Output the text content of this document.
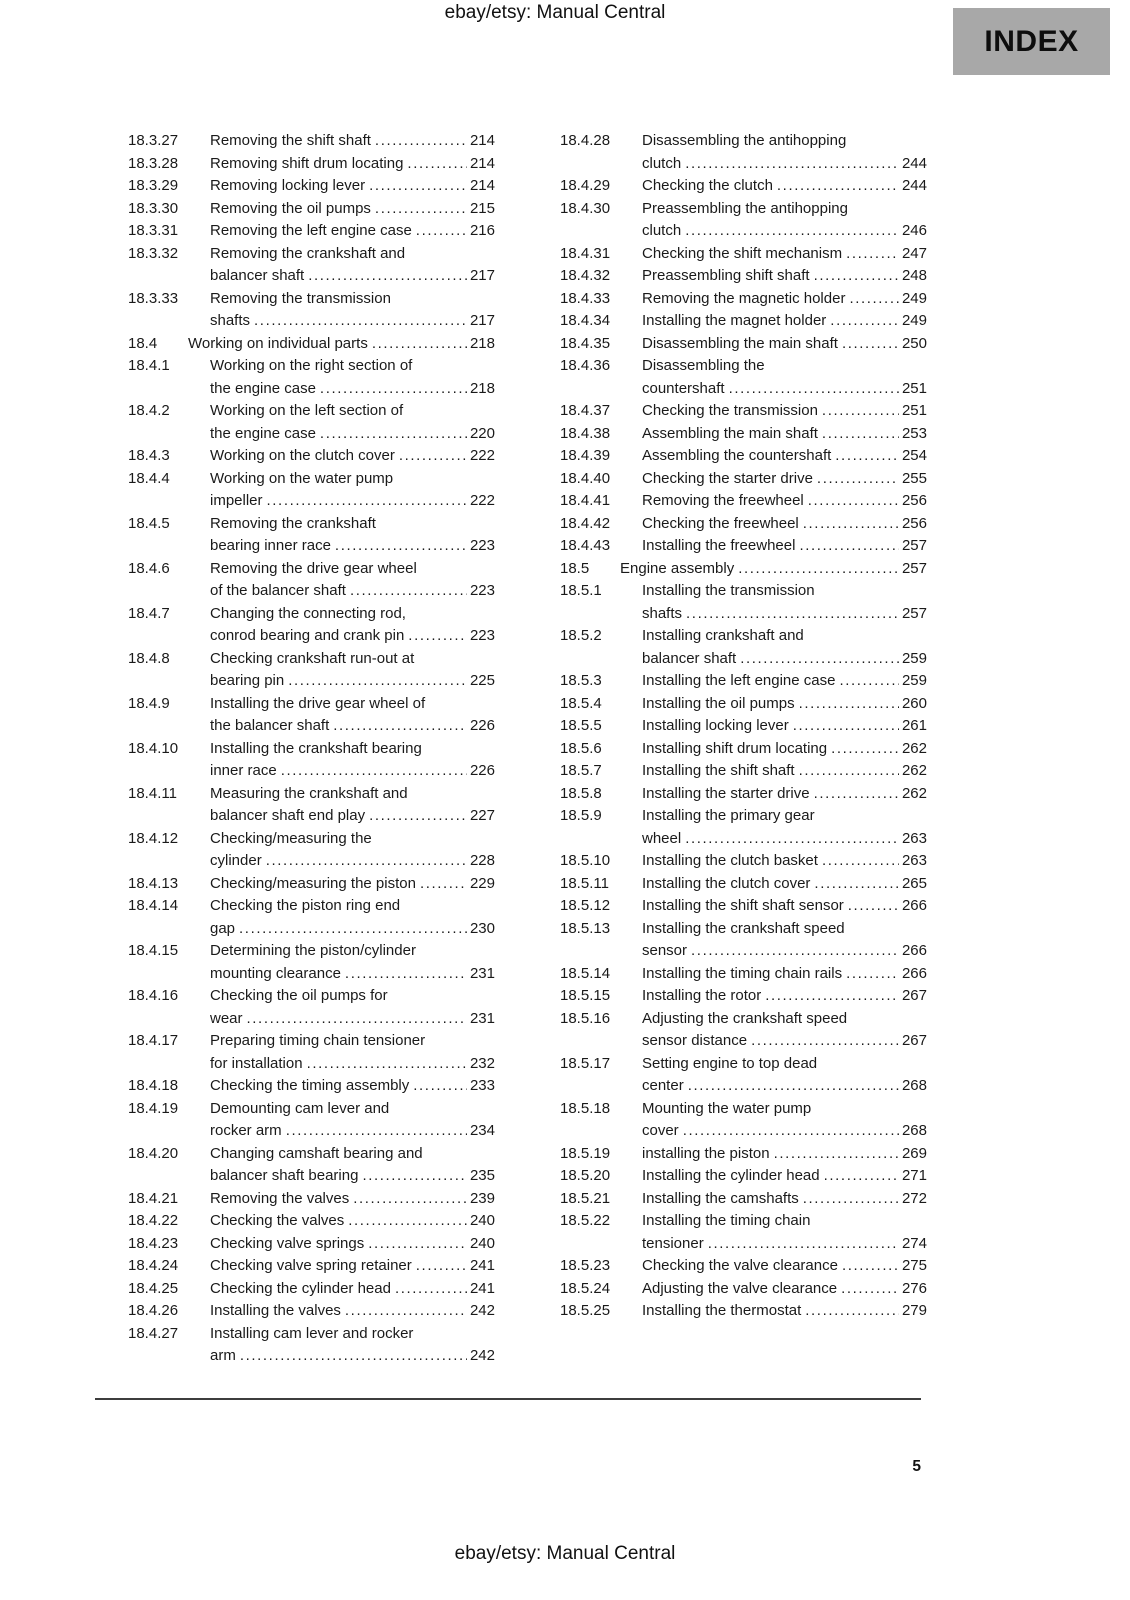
ebay/etsy: Manual Central
INDEX
18.3.27	Removing the shift shaft .....	214
18.3.28	Removing shift drum locating .....	214
18.3.29	Removing locking lever .....	214
18.3.30	Removing the oil pumps .....	215
18.3.31	Removing the left engine case .....	216
18.3.32	Removing the crankshaft and
balancer shaft .....	217
18.3.33	Removing the transmission
shafts .....	217
18.4	Working on individual parts .....	218
18.4.1	Working on the right section of
the engine case .....	218
18.4.2	Working on the left section of
the engine case .....	220
18.4.3	Working on the clutch cover .....	222
18.4.4	Working on the water pump
impeller .....	222
18.4.5	Removing the crankshaft
bearing inner race .....	223
18.4.6	Removing the drive gear wheel
of the balancer shaft .....	223
18.4.7	Changing the connecting rod,
conrod bearing and crank pin .....	223
18.4.8	Checking crankshaft run-out at
bearing pin .....	225
18.4.9	Installing the drive gear wheel of
the balancer shaft .....	226
18.4.10	Installing the crankshaft bearing
inner race .....	226
18.4.11	Measuring the crankshaft and
balancer shaft end play .....	227
18.4.12	Checking/measuring the
cylinder .....	228
18.4.13	Checking/measuring the piston .....	229
18.4.14	Checking the piston ring end
gap .....	230
18.4.15	Determining the piston/cylinder
mounting clearance .....	231
18.4.16	Checking the oil pumps for
wear .....	231
18.4.17	Preparing timing chain tensioner
for installation .....	232
18.4.18	Checking the timing assembly .....	233
18.4.19	Demounting cam lever and
rocker arm .....	234
18.4.20	Changing camshaft bearing and
balancer shaft bearing .....	235
18.4.21	Removing the valves .....	239
18.4.22	Checking the valves .....	240
18.4.23	Checking valve springs .....	240
18.4.24	Checking valve spring retainer .....	241
18.4.25	Checking the cylinder head .....	241
18.4.26	Installing the valves .....	242
18.4.27	Installing cam lever and rocker
arm .....	242
18.4.28	Disassembling the antihopping
clutch .....	244
18.4.29	Checking the clutch .....	244
18.4.30	Preassembling the antihopping
clutch .....	246
18.4.31	Checking the shift mechanism .....	247
18.4.32	Preassembling shift shaft .....	248
18.4.33	Removing the magnetic holder .....	249
18.4.34	Installing the magnet holder .....	249
18.4.35	Disassembling the main shaft .....	250
18.4.36	Disassembling the
countershaft .....	251
18.4.37	Checking the transmission .....	251
18.4.38	Assembling the main shaft .....	253
18.4.39	Assembling the countershaft .....	254
18.4.40	Checking the starter drive .....	255
18.4.41	Removing the freewheel .....	256
18.4.42	Checking the freewheel .....	256
18.4.43	Installing the freewheel .....	257
18.5	Engine assembly .....	257
18.5.1	Installing the transmission
shafts .....	257
18.5.2	Installing crankshaft and
balancer shaft .....	259
18.5.3	Installing the left engine case .....	259
18.5.4	Installing the oil pumps .....	260
18.5.5	Installing locking lever .....	261
18.5.6	Installing shift drum locating .....	262
18.5.7	Installing the shift shaft .....	262
18.5.8	Installing the starter drive .....	262
18.5.9	Installing the primary gear
wheel .....	263
18.5.10	Installing the clutch basket .....	263
18.5.11	Installing the clutch cover .....	265
18.5.12	Installing the shift shaft sensor .....	266
18.5.13	Installing the crankshaft speed
sensor .....	266
18.5.14	Installing the timing chain rails .....	266
18.5.15	Installing the rotor .....	267
18.5.16	Adjusting the crankshaft speed
sensor distance .....	267
18.5.17	Setting engine to top dead
center .....	268
18.5.18	Mounting the water pump
cover .....	268
18.5.19	installing the piston .....	269
18.5.20	Installing the cylinder head .....	271
18.5.21	Installing the camshafts .....	272
18.5.22	Installing the timing chain
tensioner .....	274
18.5.23	Checking the valve clearance .....	275
18.5.24	Adjusting the valve clearance .....	276
18.5.25	Installing the thermostat .....	279
5
ebay/etsy: Manual Central
